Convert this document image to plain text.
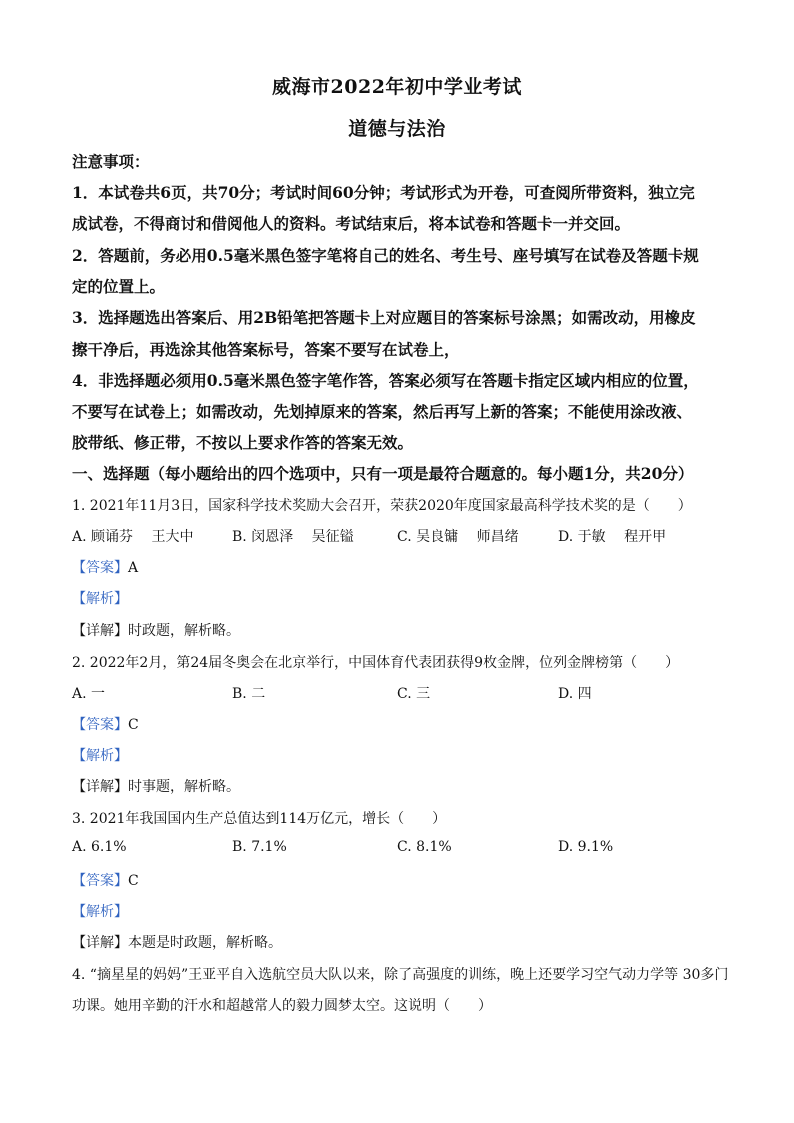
威海市2022年初中学业考试
道德与法治
注意事项：
1．本试卷共6页，共70分；考试时间60分钟；考试形式为开卷，可查阅所带资料，独立完
成试卷，不得商讨和借阅他人的资料。考试结束后，将本试卷和答题卡一并交回。
2．答题前，务必用0.5毫米黑色签字笔将自己的姓名、考生号、座号填写在试卷及答题卡规
定的位置上。
3．选择题选出答案后、用2B铅笔把答题卡上对应题目的答案标号涂黑；如需改动，用橡皮
擦干净后，再选涂其他答案标号，答案不要写在试卷上，
4．非选择题必须用0.5毫米黑色签字笔作答，答案必须写在答题卡指定区域内相应的位置，
不要写在试卷上；如需改动，先划掉原来的答案，然后再写上新的答案；不能使用涂改液、
胶带纸、修正带，不按以上要求作答的答案无效。
一、选择题（每小题给出的四个选项中，只有一项是最符合题意的。每小题1分，共20分）
1. 2021年11月3日，国家科学技术奖励大会召开，荣获2020年度国家最高科学技术奖的是（　　）
A. 顾诵芬　 王大中	B. 闵恩泽　 吴征镒	C. 吴良镛　 师昌绪	D. 于敏　 程开甲
【答案】A
【解析】
【详解】时政题，解析略。
2. 2022年2月，第24届冬奥会在北京举行，中国体育代表团获得9枚金牌，位列金牌榜第（　　）
A. 一	B. 二	C. 三	D. 四
【答案】C
【解析】
【详解】时事题，解析略。
3. 2021年我国国内生产总值达到114万亿元，增长（　　）
A. 6.1%	B. 7.1%	C. 8.1%	D. 9.1%
【答案】C
【解析】
【详解】本题是时政题，解析略。
4. “摘星星的妈妈”王亚平自入选航空员大队以来，除了高强度的训练，晚上还要学习空气动力学等 30多门
功课。她用辛勤的汗水和超越常人的毅力圆梦太空。这说明（　　）
